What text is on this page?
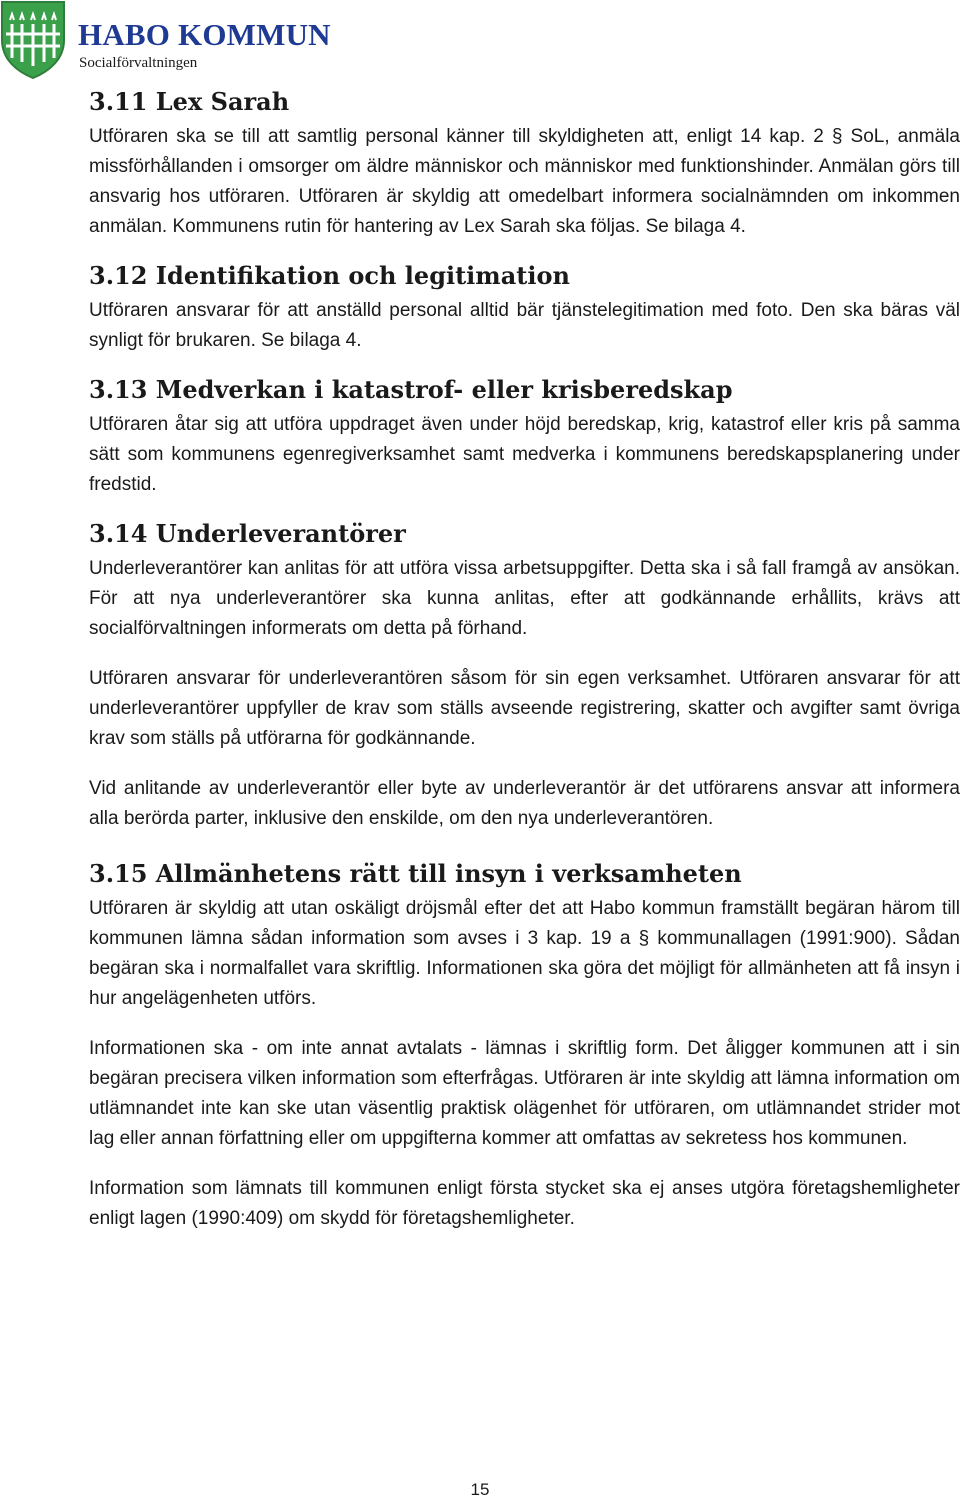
HABO KOMMUN
Socialförvaltningen
3.11 Lex Sarah

Utföraren ska se till att samtlig personal känner till skyldigheten att, enligt 14 kap. 2 § SoL, anmäla missförhållanden i omsorger om äldre människor och människor med funktionshinder. Anmälan görs till ansvarig hos utföraren. Utföraren är skyldig att omedelbart informera socialnämnden om inkommen anmälan. Kommunens rutin för hantering av Lex Sarah ska följas. Se bilaga 4.

3.12 Identifikation och legitimation

Utföraren ansvarar för att anställd personal alltid bär tjänstelegitimation med foto. Den ska bäras väl synligt för brukaren. Se bilaga 4.

3.13 Medverkan i katastrof- eller krisberedskap

Utföraren åtar sig att utföra uppdraget även under höjd beredskap, krig, katastrof eller kris på samma sätt som kommunens egenregiverksamhet samt medverka i kommunens beredskapsplanering under fredstid.

3.14 Underleverantörer

Underleverantörer kan anlitas för att utföra vissa arbetsuppgifter. Detta ska i så fall framgå av ansökan. För att nya underleverantörer ska kunna anlitas, efter att godkännande erhållits, krävs att socialförvaltningen informerats om detta på förhand.

Utföraren ansvarar för underleverantören såsom för sin egen verksamhet. Utföraren ansvarar för att underleverantörer uppfyller de krav som ställs avseende registrering, skatter och avgifter samt övriga krav som ställs på utförarna för godkännande.

Vid anlitande av underleverantör eller byte av underleverantör är det utförarens ansvar att informera alla berörda parter, inklusive den enskilde, om den nya underleverantören.

3.15 Allmänhetens rätt till insyn i verksamheten

Utföraren är skyldig att utan oskäligt dröjsmål efter det att Habo kommun framställt begäran härom till kommunen lämna sådan information som avses i 3 kap. 19 a § kommunallagen (1991:900). Sådan begäran ska i normalfallet vara skriftlig. Informationen ska göra det möjligt för allmänheten att få insyn i hur angelägenheten utförs.

Informationen ska - om inte annat avtalats - lämnas i skriftlig form. Det åligger kommunen att i sin begäran precisera vilken information som efterfrågas. Utföraren är inte skyldig att lämna information om utlämnandet inte kan ske utan väsentlig praktisk olägenhet för utföraren, om utlämnandet strider mot lag eller annan författning eller om uppgifterna kommer att omfattas av sekretess hos kommunen.

Information som lämnats till kommunen enligt första stycket ska ej anses utgöra företagshemligheter enligt lagen (1990:409) om skydd för företagshemligheter.

15
